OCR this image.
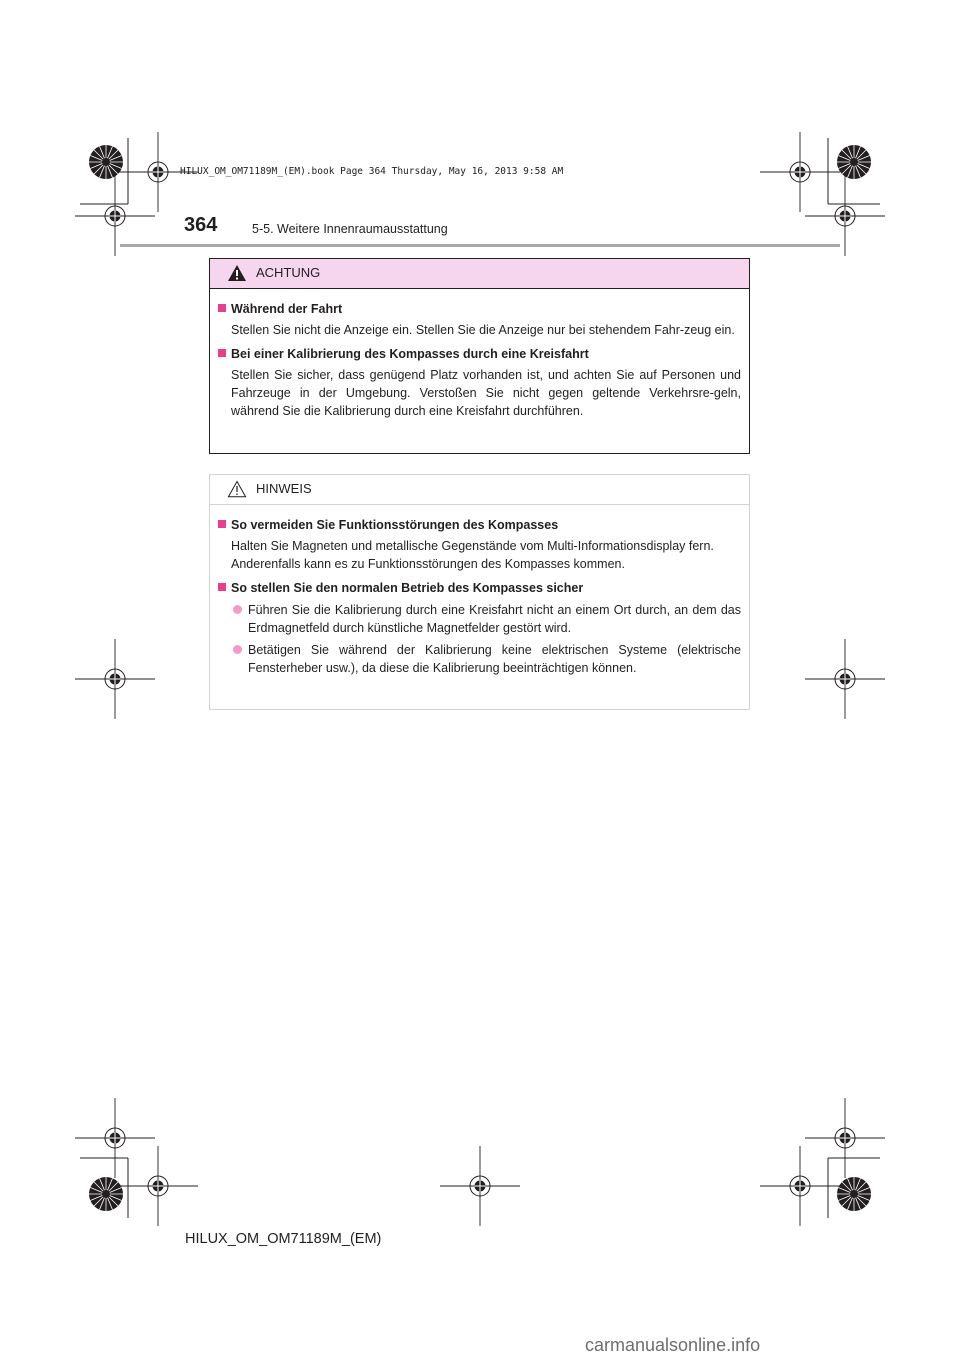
HILUX_OM_OM71189M_(EM).book Page 364 Thursday, May 16, 2013 9:58 AM
364	5-5. Weitere Innenraumausstattung
ACHTUNG
Während der Fahrt
Stellen Sie nicht die Anzeige ein. Stellen Sie die Anzeige nur bei stehendem Fahr-zeug ein.
Bei einer Kalibrierung des Kompasses durch eine Kreisfahrt
Stellen Sie sicher, dass genügend Platz vorhanden ist, und achten Sie auf Personen und Fahrzeuge in der Umgebung. Verstoßen Sie nicht gegen geltende Verkehrsre-geln, während Sie die Kalibrierung durch eine Kreisfahrt durchführen.
HINWEIS
So vermeiden Sie Funktionsstörungen des Kompasses
Halten Sie Magneten und metallische Gegenstände vom Multi-Informationsdisplay fern.
Anderenfalls kann es zu Funktionsstörungen des Kompasses kommen.
So stellen Sie den normalen Betrieb des Kompasses sicher
Führen Sie die Kalibrierung durch eine Kreisfahrt nicht an einem Ort durch, an dem das Erdmagnetfeld durch künstliche Magnetfelder gestört wird.
Betätigen Sie während der Kalibrierung keine elektrischen Systeme (elektrische Fensterheber usw.), da diese die Kalibrierung beeinträchtigen können.
HILUX_OM_OM71189M_(EM)
carmanualsonline.info
